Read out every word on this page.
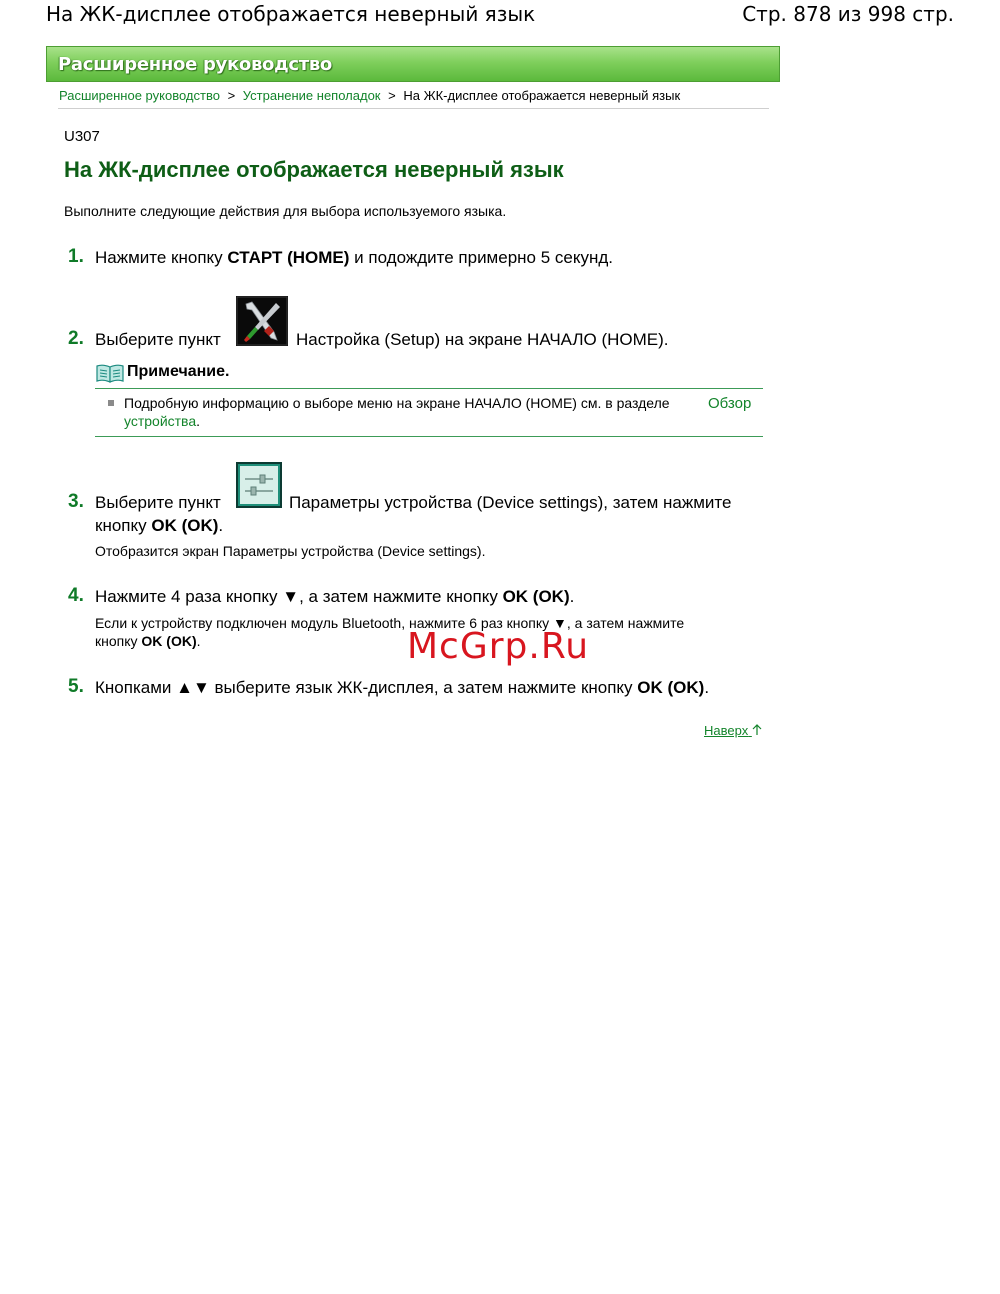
На ЖК-дисплее отображается неверный язык	Стр. 878 из 998 стр.
Расширенное руководство
Расширенное руководство > Устранение неполадок > На ЖК-дисплее отображается неверный язык
U307
На ЖК-дисплее отображается неверный язык
Выполните следующие действия для выбора используемого языка.
1. Нажмите кнопку СТАРТ (HOME) и подождите примерно 5 секунд.
2. Выберите пункт	Настройка (Setup) на экране НАЧАЛО (HOME).
Примечание.
Подробную информацию о выборе меню на экране НАЧАЛО (HOME) см. в разделе	Обзор
устройства.
3. Выберите пункт	Параметры устройства (Device settings), затем нажмите
кнопку OK (OK).
Отобразится экран Параметры устройства (Device settings).
4. Нажмите 4 раза кнопку ▼, а затем нажмите кнопку OK (OK).
Если к устройству подключен модуль Bluetooth, нажмите 6 раз кнопку ▼, а затем нажмите
кнопку OK (OK).
5. Кнопками ▲▼ выберите язык ЖК-дисплея, а затем нажмите кнопку OK (OK).
Наверх
McGrp.Ru
